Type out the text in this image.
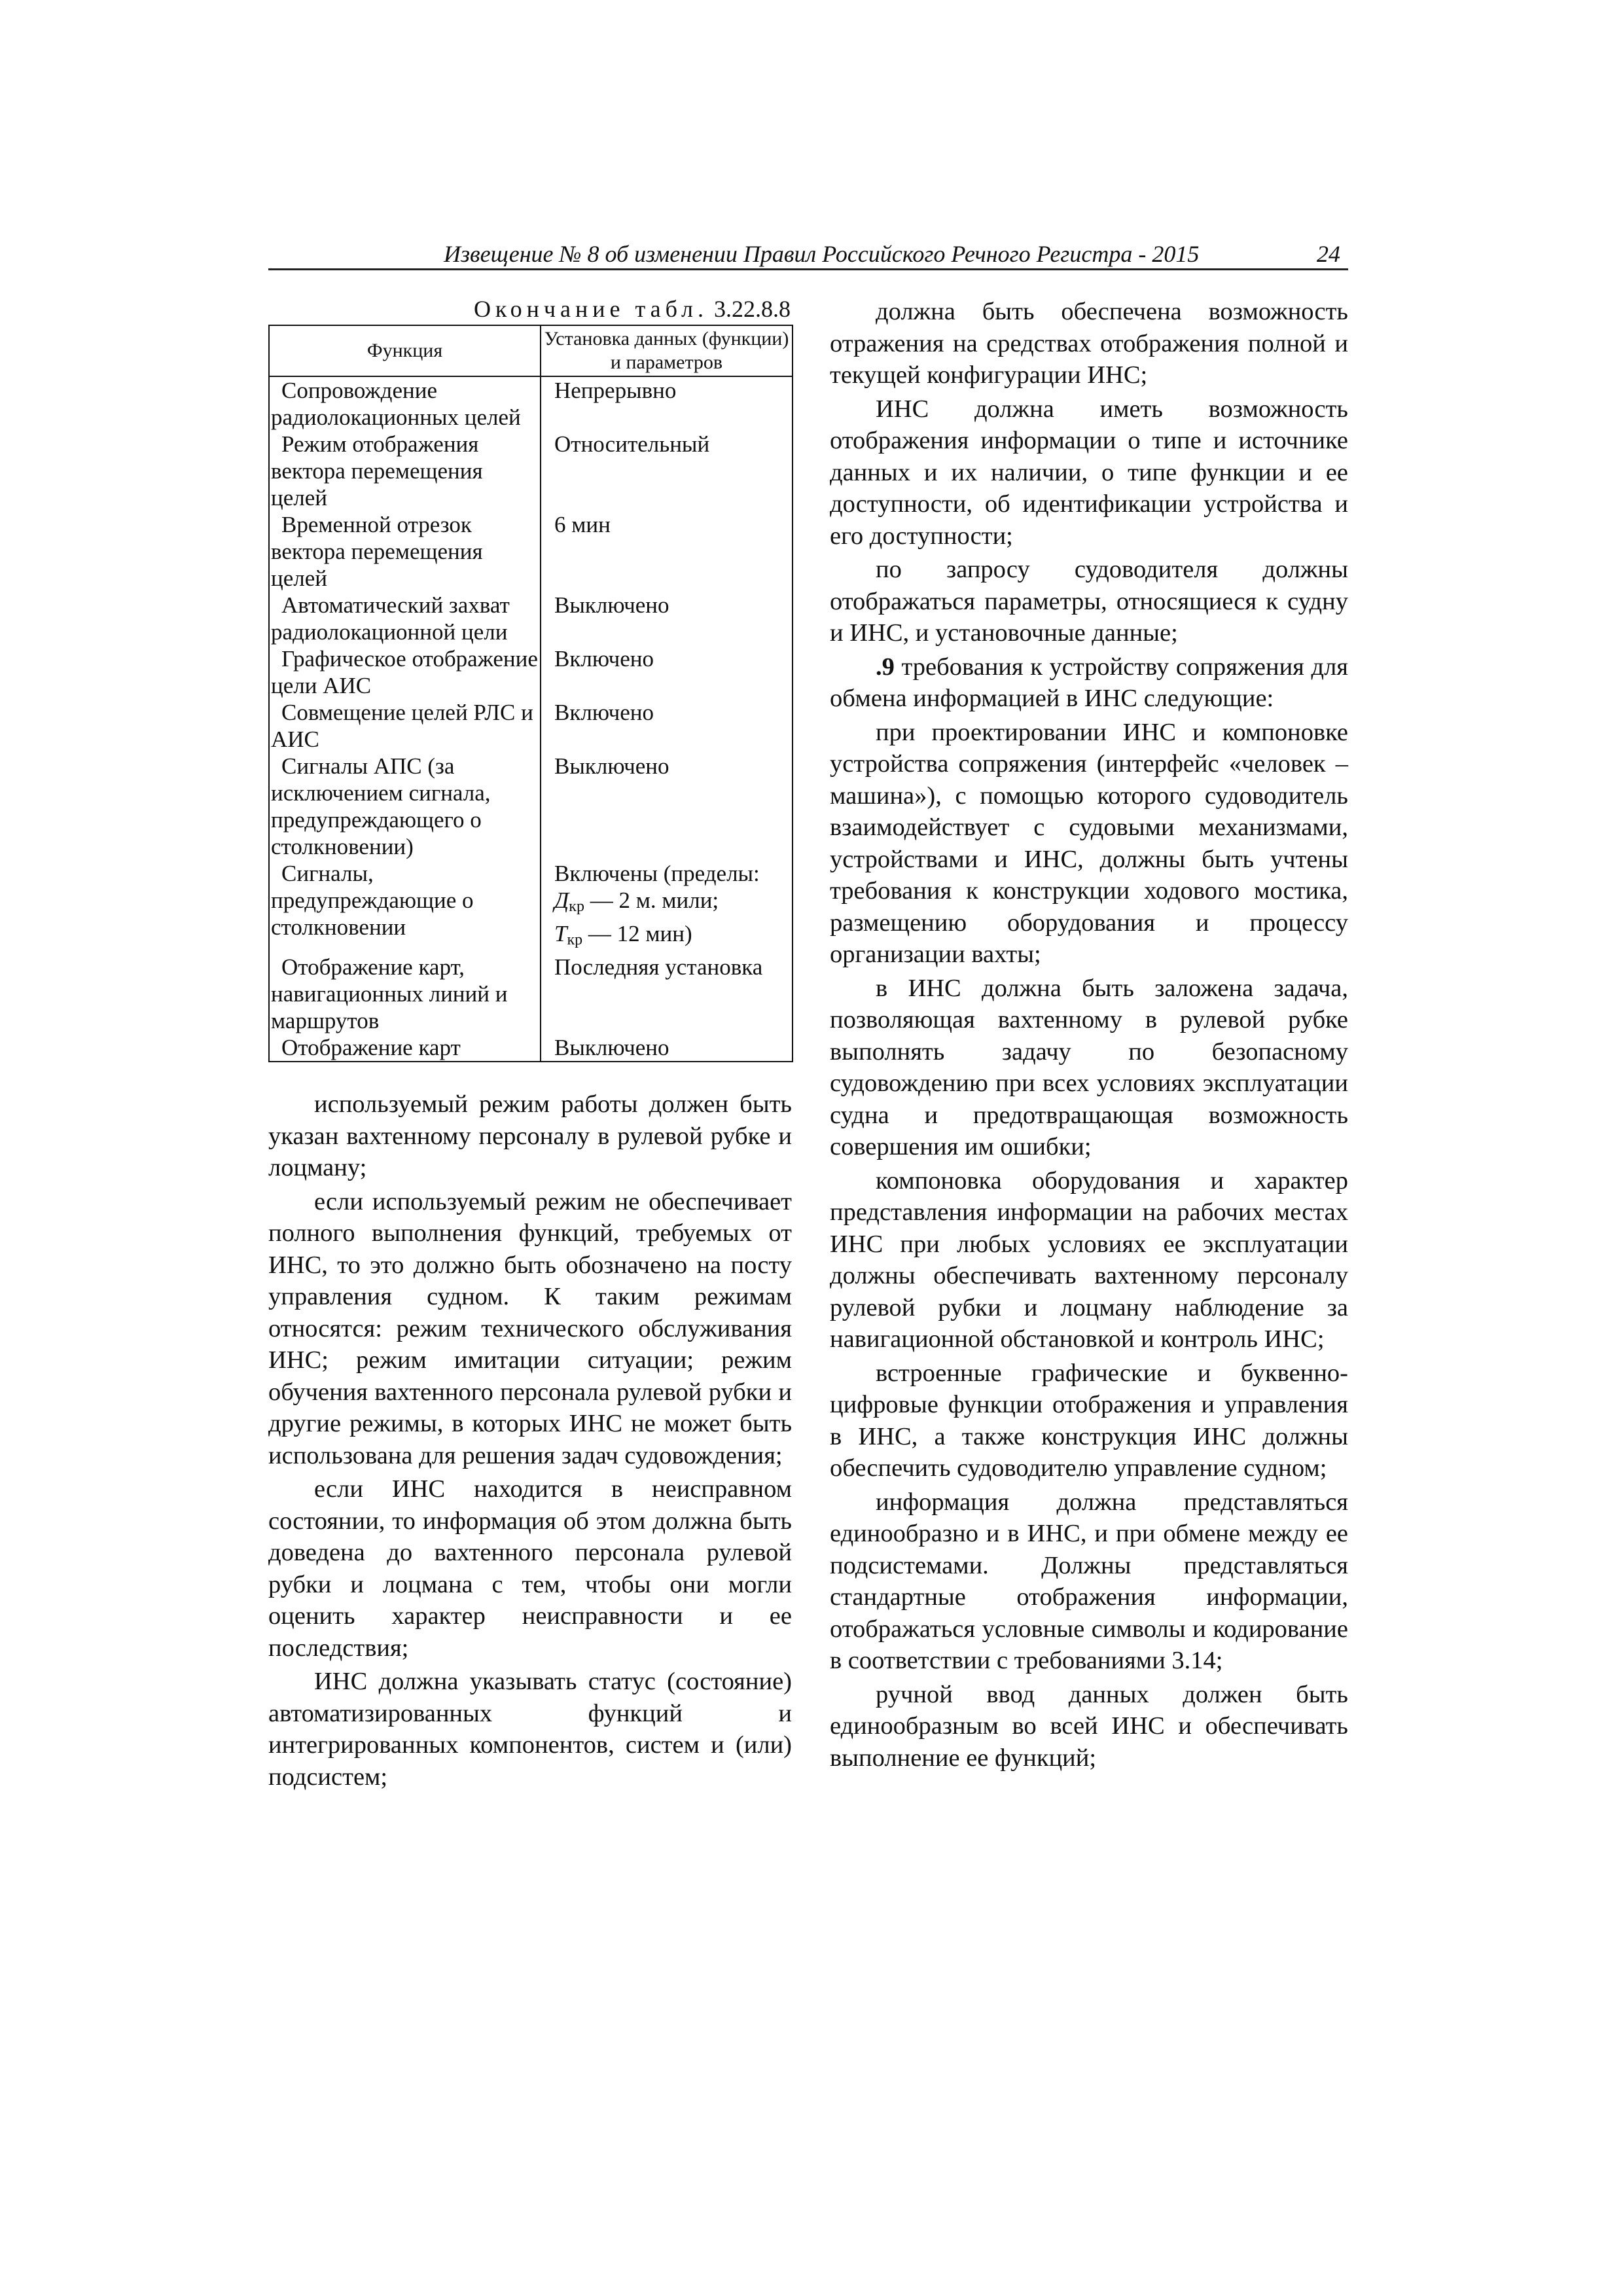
Извещение № 8 об изменении Правил Российского Речного Регистра - 2015	24
Окончание табл. 3.22.8.8
Функция	Установка данных (функции) и параметров
Сопровождение радиолокационных целей	Непрерывно
Режим отображения вектора перемещения целей	Относительный
Временной отрезок вектора перемещения целей	6 мин
Автоматический захват радиолокационной цели	Выключено
Графическое отображение цели АИС	Включено
Совмещение целей РЛС и АИС	Включено
Сигналы АПС (за исключением сигнала, предупреждающего о столкновении)	Выключено
Сигналы, предупреждающие о столкновении	Включены (пределы:
$Д_{кр}$ — 2 м. мили;
$Т_{кр}$ — 12 мин)
Отображение карт, навигационных линий и маршрутов	Последняя установка
Отображение карт	Выключено

используемый режим работы должен быть указан вахтенному персоналу в рулевой рубке и лоцману;

если используемый режим не обеспечивает полного выполнения функций, требуемых от ИНС, то это должно быть обозначено на посту управления судном. К таким режимам относятся: режим технического обслуживания ИНС; режим имитации ситуации; режим обучения вахтенного персонала рулевой рубки и другие режимы, в которых ИНС не может быть использована для решения задач судовождения;

если ИНС находится в неисправном состоянии, то информация об этом должна быть доведена до вахтенного персонала рулевой рубки и лоцмана с тем, чтобы они могли оценить характер неисправности и ее последствия;

ИНС должна указывать статус (состояние) автоматизированных функций и интегрированных компонентов, систем и (или) подсистем;

должна быть обеспечена возможность отражения на средствах отображения полной и текущей конфигурации ИНС;

ИНС должна иметь возможность отображения информации о типе и источнике данных и их наличии, о типе функции и ее доступности, об идентификации устройства и его доступности;

по запросу судоводителя должны отображаться параметры, относящиеся к судну и ИНС, и установочные данные;

.9 требования к устройству сопряжения для обмена информацией в ИНС следующие:

при проектировании ИНС и компоновке устройства сопряжения (интерфейс «человек – машина»), с помощью которого судоводитель взаимодействует с судовыми механизмами, устройствами и ИНС, должны быть учтены требования к конструкции ходового мостика, размещению оборудования и процессу организации вахты;

в ИНС должна быть заложена задача, позволяющая вахтенному в рулевой рубке выполнять задачу по безопасному судовождению при всех условиях эксплуатации судна и предотвращающая возможность совершения им ошибки;

компоновка оборудования и характер представления информации на рабочих местах ИНС при любых условиях ее эксплуатации должны обеспечивать вахтенному персоналу рулевой рубки и лоцману наблюдение за навигационной обстановкой и контроль ИНС;

встроенные графические и буквенно-цифровые функции отображения и управления в ИНС, а также конструкция ИНС должны обеспечить судоводителю управление судном;

информация должна представляться единообразно и в ИНС, и при обмене между ее подсистемами. Должны представляться стандартные отображения информации, отображаться условные символы и кодирование в соответствии с требованиями 3.14;

ручной ввод данных должен быть единообразным во всей ИНС и обеспечивать выполнение ее функций;
